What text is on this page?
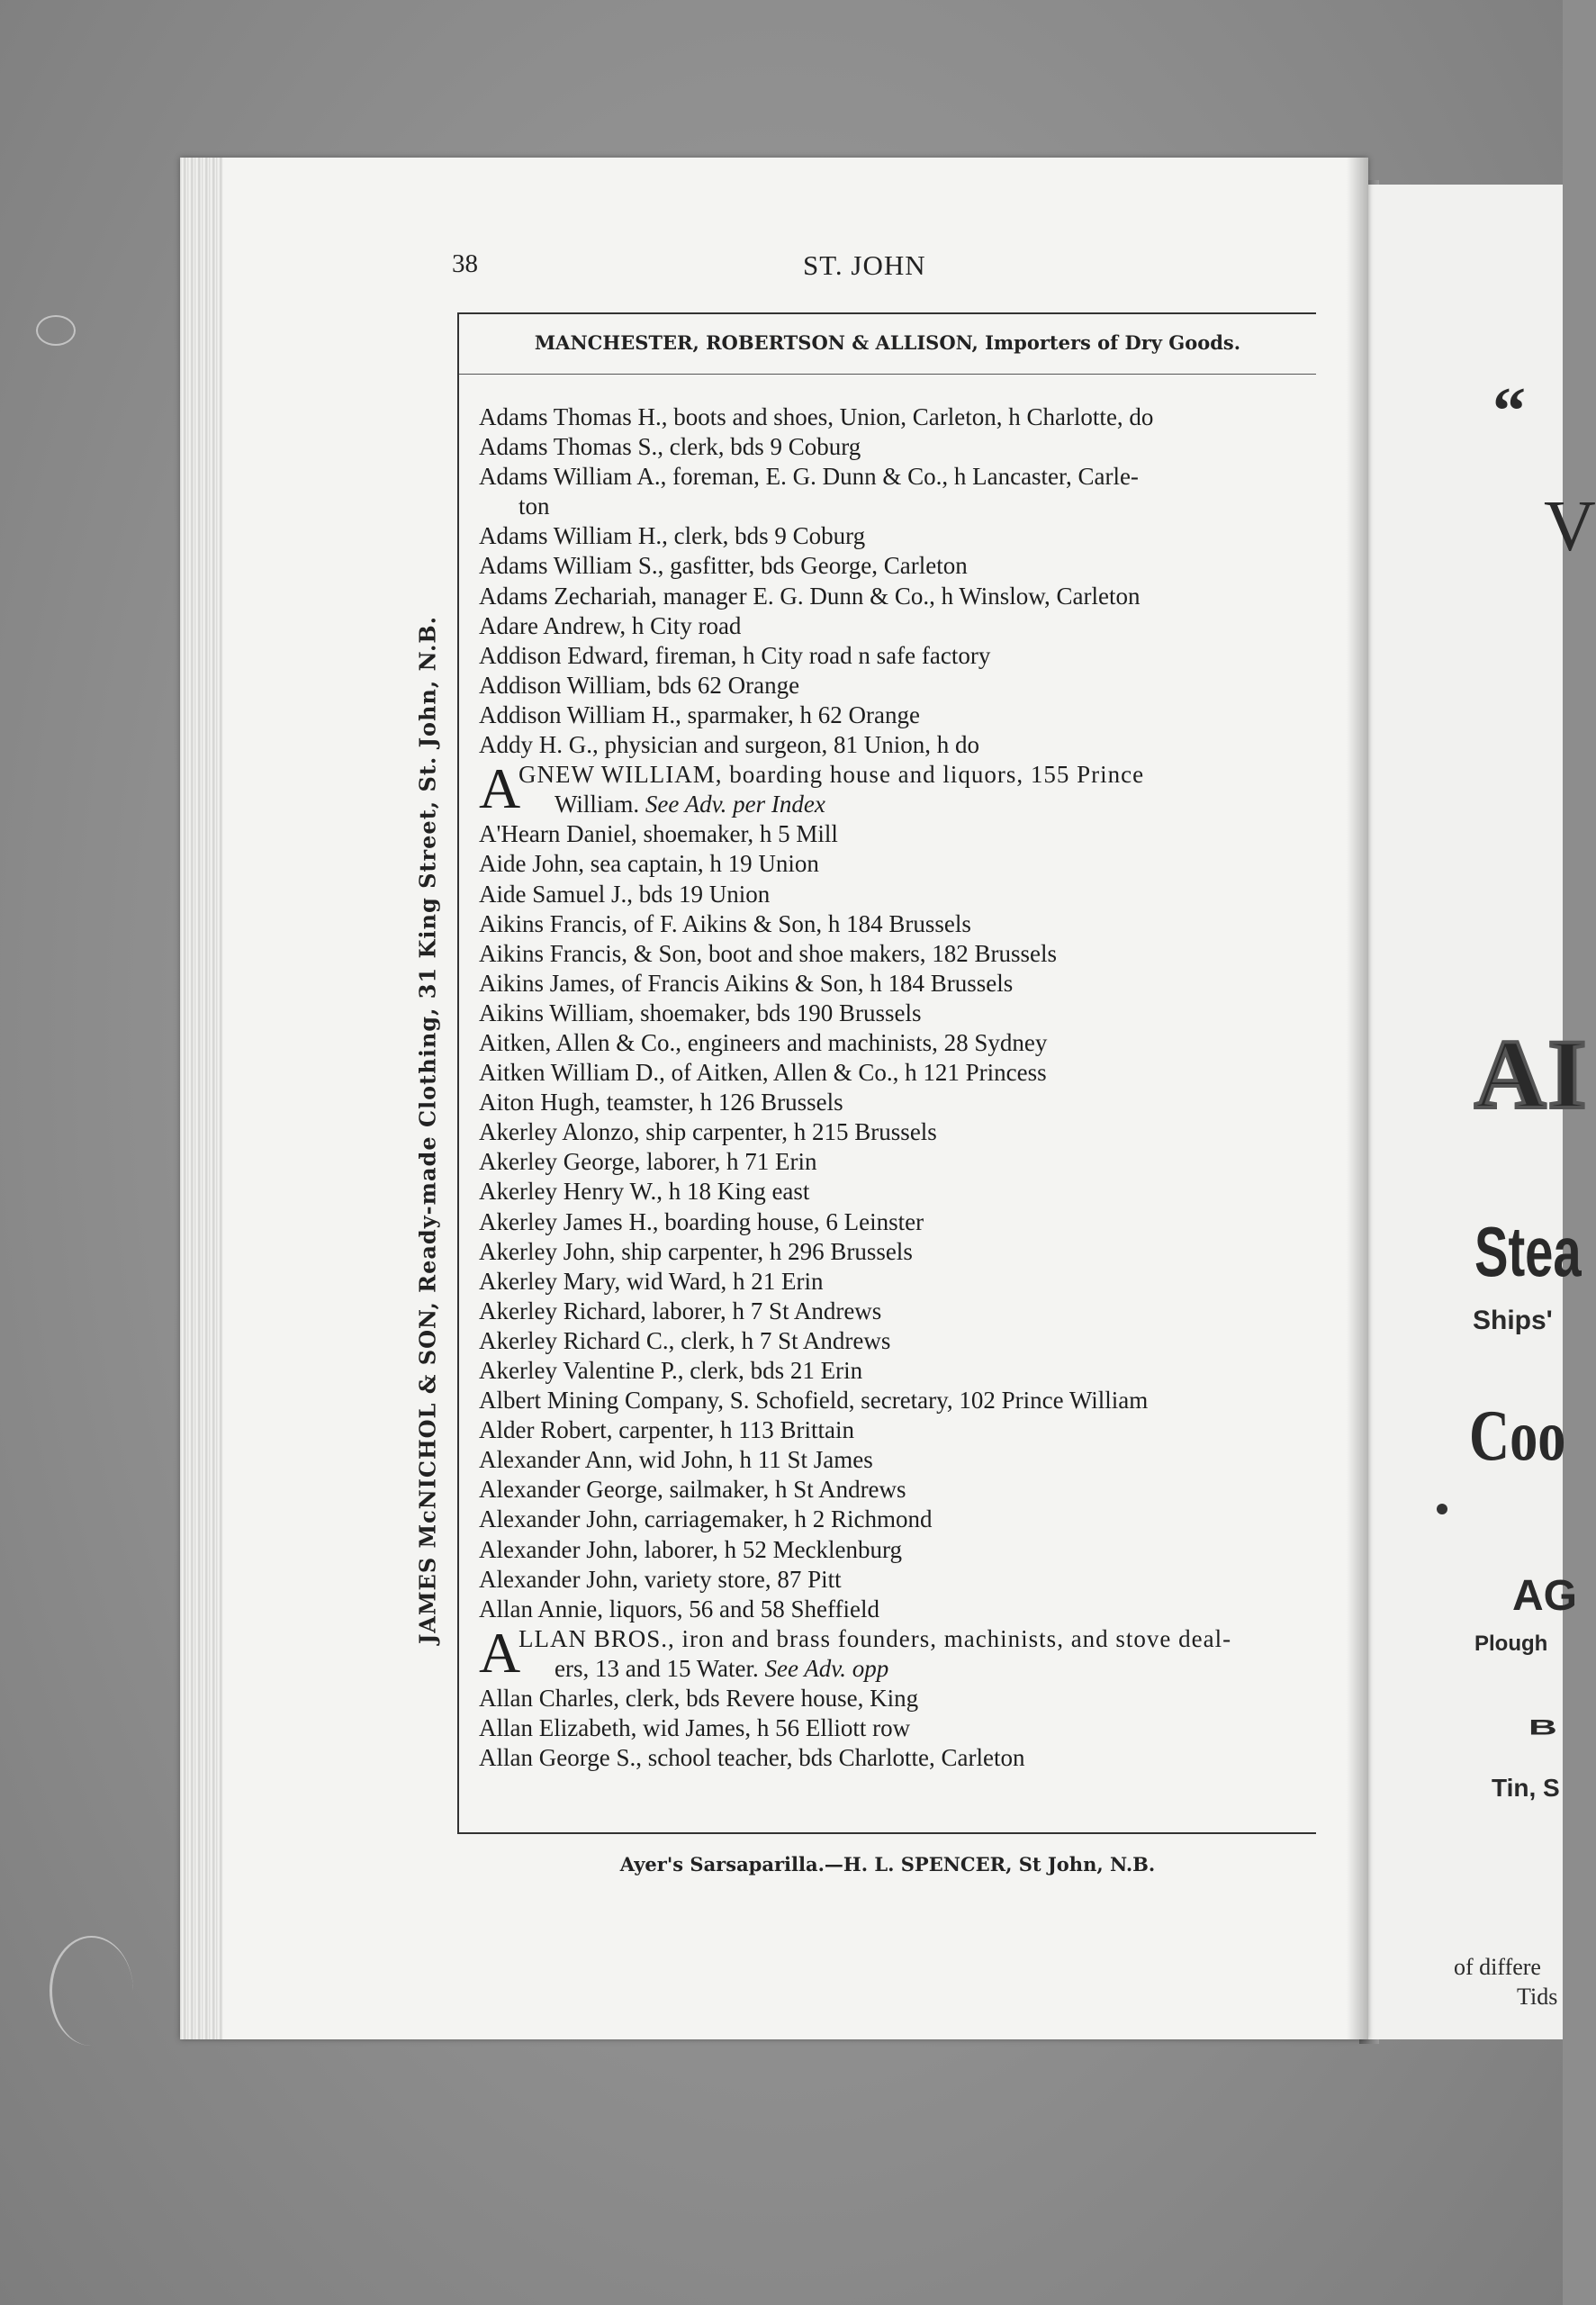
“
V
AI
Stea
Ships'
Coo
AG
Plough
B
Tin, S
of differe
Tids
38	ST. JOHN
MANCHESTER, ROBERTSON & ALLISON, Importers of Dry Goods.
JAMES McNICHOL & SON, Ready-made Clothing, 31 King Street, St. John, N.B.
Adams Thomas H., boots and shoes, Union, Carleton, h Charlotte, do
Adams Thomas S., clerk, bds 9 Coburg
Adams William A., foreman, E. G. Dunn & Co., h Lancaster, Carle-
ton
Adams William H., clerk, bds 9 Coburg
Adams William S., gasfitter, bds George, Carleton
Adams Zechariah, manager E. G. Dunn & Co., h Winslow, Carleton
Adare Andrew, h City road
Addison Edward, fireman, h City road n safe factory
Addison William, bds 62 Orange
Addison William H., sparmaker, h 62 Orange
Addy H. G., physician and surgeon, 81 Union, h do
A
GNEW WILLIAM, boarding house and liquors, 155 Prince
William. See Adv. per Index
A'Hearn Daniel, shoemaker, h 5 Mill
Aide John, sea captain, h 19 Union
Aide Samuel J., bds 19 Union
Aikins Francis, of F. Aikins & Son, h 184 Brussels
Aikins Francis, & Son, boot and shoe makers, 182 Brussels
Aikins James, of Francis Aikins & Son, h 184 Brussels
Aikins William, shoemaker, bds 190 Brussels
Aitken, Allen & Co., engineers and machinists, 28 Sydney
Aitken William D., of Aitken, Allen & Co., h 121 Princess
Aiton Hugh, teamster, h 126 Brussels
Akerley Alonzo, ship carpenter, h 215 Brussels
Akerley George, laborer, h 71 Erin
Akerley Henry W., h 18 King east
Akerley James H., boarding house, 6 Leinster
Akerley John, ship carpenter, h 296 Brussels
Akerley Mary, wid Ward, h 21 Erin
Akerley Richard, laborer, h 7 St Andrews
Akerley Richard C., clerk, h 7 St Andrews
Akerley Valentine P., clerk, bds 21 Erin
Albert Mining Company, S. Schofield, secretary, 102 Prince William
Alder Robert, carpenter, h 113 Brittain
Alexander Ann, wid John, h 11 St James
Alexander George, sailmaker, h St Andrews
Alexander John, carriagemaker, h 2 Richmond
Alexander John, laborer, h 52 Mecklenburg
Alexander John, variety store, 87 Pitt
Allan Annie, liquors, 56 and 58 Sheffield
A
LLAN BROS., iron and brass founders, machinists, and stove deal-
ers, 13 and 15 Water. See Adv. opp
Allan Charles, clerk, bds Revere house, King
Allan Elizabeth, wid James, h 56 Elliott row
Allan George S., school teacher, bds Charlotte, Carleton
Ayer's Sarsaparilla.—H. L. SPENCER, St John, N.B.
